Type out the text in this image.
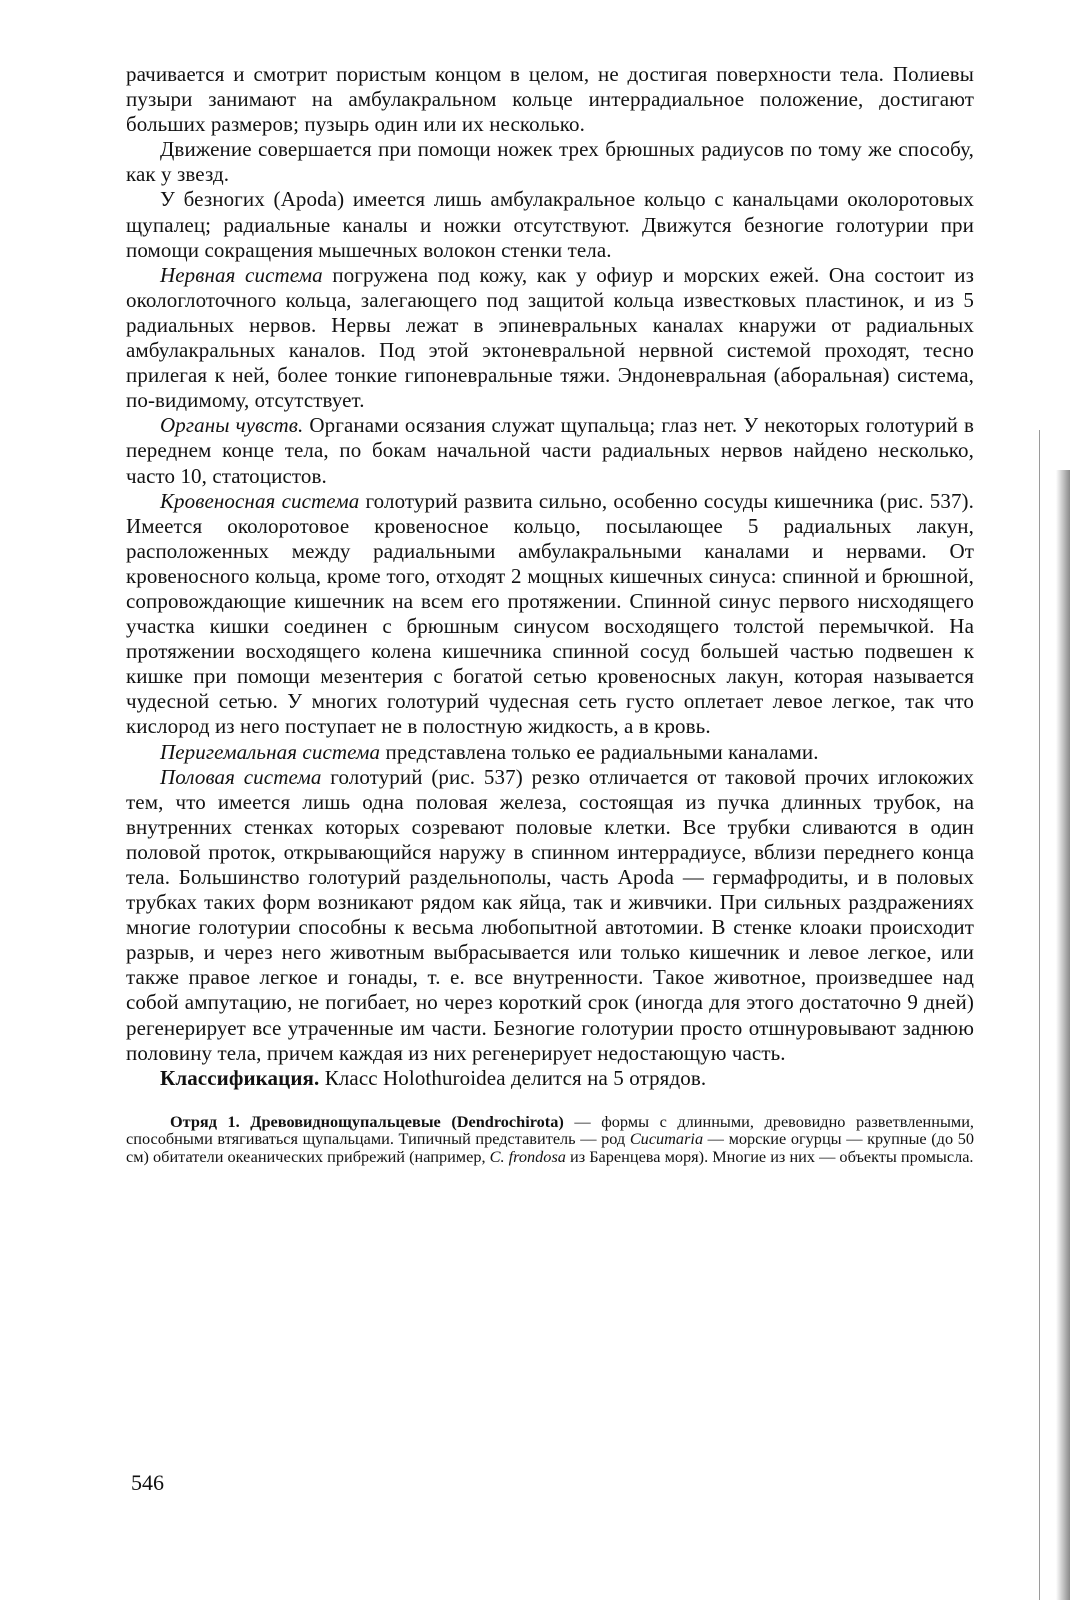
рачивается и смотрит пористым концом в целом, не достигая поверхности тела. Полиевы пузыри занимают на амбулакральном кольце интеррадиальное положение, достигают больших размеров; пузырь один или их несколько.

Движение совершается при помощи ножек трех брюшных радиусов по тому же способу, как у звезд.

У безногих (Apoda) имеется лишь амбулакральное кольцо с канальцами околоротовых щупалец; радиальные каналы и ножки отсутствуют. Движутся безногие голотурии при помощи сокращения мышечных волокон стенки тела.

Нервная система погружена под кожу, как у офиур и морских ежей. Она состоит из окологлоточного кольца, залегающего под защитой кольца известковых пластинок, и из 5 радиальных нервов. Нервы лежат в эпиневральных каналах кнаружи от радиальных амбулакральных каналов. Под этой эктоневральной нервной системой проходят, тесно прилегая к ней, более тонкие гипоневральные тяжи. Эндоневральная (аборальная) система, по-видимому, отсутствует.

Органы чувств. Органами осязания служат щупальца; глаз нет. У некоторых голотурий в переднем конце тела, по бокам начальной части радиальных нервов найдено несколько, часто 10, статоцистов.

Кровеносная система голотурий развита сильно, особенно сосуды кишечника (рис. 537). Имеется околоротовое кровеносное кольцо, посылающее 5 радиальных лакун, расположенных между радиальными амбулакральными каналами и нервами. От кровеносного кольца, кроме того, отходят 2 мощных кишечных синуса: спинной и брюшной, сопровождающие кишечник на всем его протяжении. Спинной синус первого нисходящего участка кишки соединен с брюшным синусом восходящего толстой перемычкой. На протяжении восходящего колена кишечника спинной сосуд большей частью подвешен к кишке при помощи мезентерия с богатой сетью кровеносных лакун, которая называется чудесной сетью. У многих голотурий чудесная сеть густо оплетает левое легкое, так что кислород из него поступает не в полостную жидкость, а в кровь.

Перигемальная система представлена только ее радиальными каналами.

Половая система голотурий (рис. 537) резко отличается от таковой прочих иглокожих тем, что имеется лишь одна половая железа, состоящая из пучка длинных трубок, на внутренних стенках которых созревают половые клетки. Все трубки сливаются в один половой проток, открывающийся наружу в спинном интеррадиусе, вблизи переднего конца тела. Большинство голотурий раздельнополы, часть Apoda — гермафродиты, и в половых трубках таких форм возникают рядом как яйца, так и живчики. При сильных раздражениях многие голотурии способны к весьма любопытной автотомии. В стенке клоаки происходит разрыв, и через него животным выбрасывается или только кишечник и левое легкое, или также правое легкое и гонады, т. е. все внутренности. Такое животное, произведшее над собой ампутацию, не погибает, но через короткий срок (иногда для этого достаточно 9 дней) регенерирует все утраченные им части. Безногие голотурии просто отшнуровывают заднюю половину тела, причем каждая из них регенерирует недостающую часть.

Классификация. Класс Holothuroidea делится на 5 отрядов.

Отряд 1. Древовиднощупальцевые (Dendrochirota) — формы с длинными, древовидно разветвленными, способными втягиваться щупальцами. Типичный представитель — род Cucumaria — морские огурцы — крупные (до 50 см) обитатели океанических прибрежий (например, C. frondosa из Баренцева моря). Многие из них — объекты промысла.

546
